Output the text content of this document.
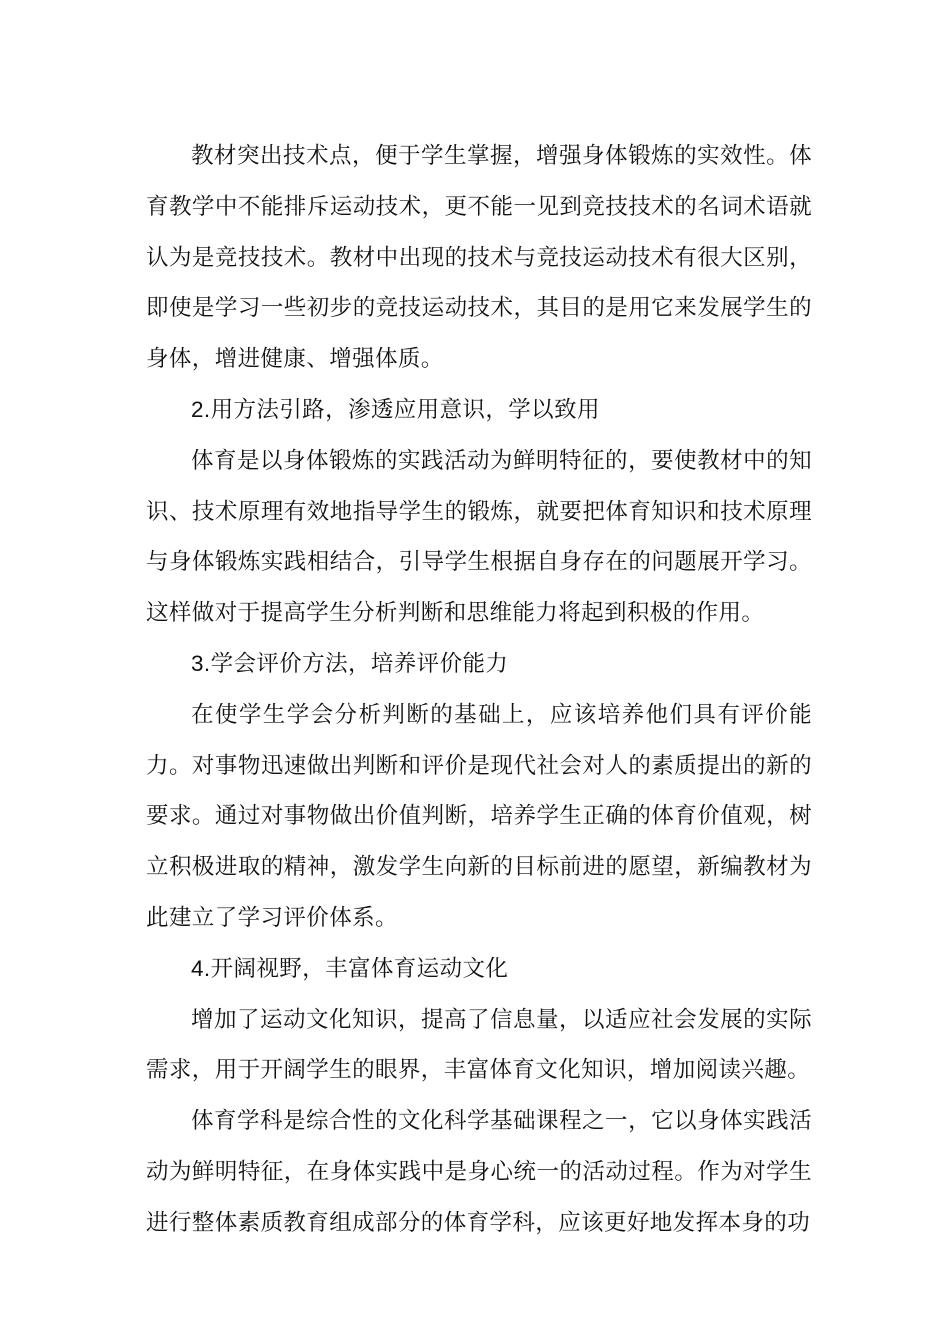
教材突出技术点，便于学生掌握，增强身体锻炼的实效性。体育教学中不能排斥运动技术，更不能一见到竞技技术的名词术语就认为是竞技技术。教材中出现的技术与竞技运动技术有很大区别，即使是学习一些初步的竞技运动技术，其目的是用它来发展学生的身体，增进健康、增强体质。

2.用方法引路，渗透应用意识，学以致用

体育是以身体锻炼的实践活动为鲜明特征的，要使教材中的知识、技术原理有效地指导学生的锻炼，就要把体育知识和技术原理与身体锻炼实践相结合，引导学生根据自身存在的问题展开学习。这样做对于提高学生分析判断和思维能力将起到积极的作用。

3.学会评价方法，培养评价能力

在使学生学会分析判断的基础上，应该培养他们具有评价能力。对事物迅速做出判断和评价是现代社会对人的素质提出的新的要求。通过对事物做出价值判断，培养学生正确的体育价值观，树立积极进取的精神，激发学生向新的目标前进的愿望，新编教材为此建立了学习评价体系。

4.开阔视野，丰富体育运动文化

增加了运动文化知识，提高了信息量，以适应社会发展的实际需求，用于开阔学生的眼界，丰富体育文化知识，增加阅读兴趣。

体育学科是综合性的文化科学基础课程之一，它以身体实践活动为鲜明特征，在身体实践中是身心统一的活动过程。作为对学生进行整体素质教育组成部分的体育学科，应该更好地发挥本身的功
